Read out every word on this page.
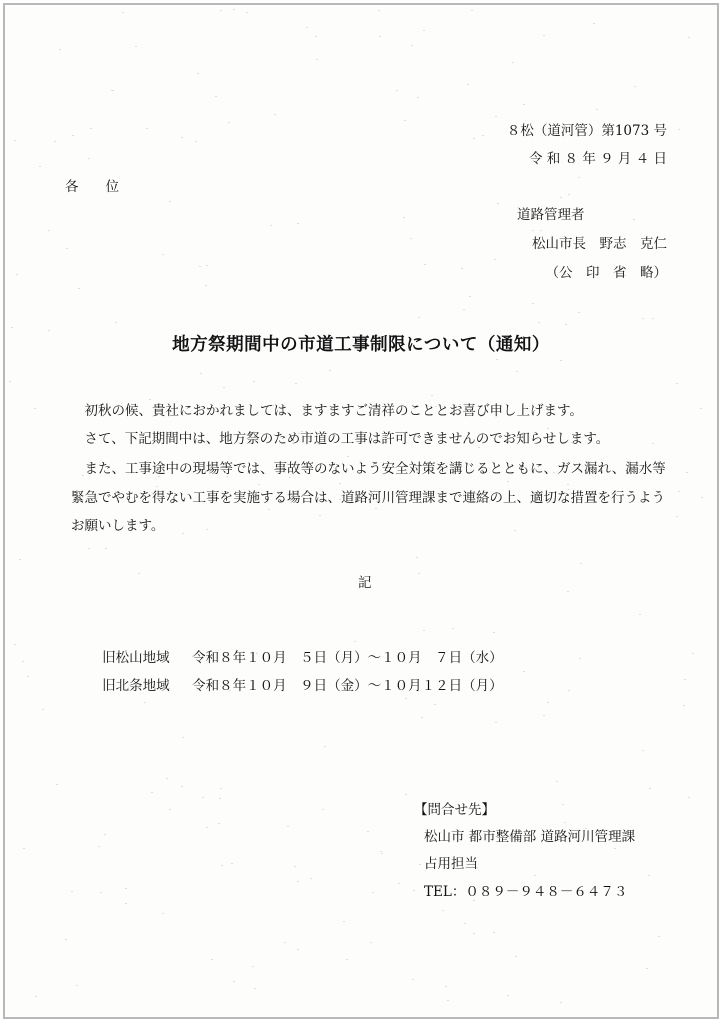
８松（道河管）第1073 号
令 和 ８ 年 ９ 月 ４ 日
各　　位
道路管理者
松山市長　野志　克仁
（公　印　省　略）
地方祭期間中の市道工事制限について（通知）
　初秋の候、貴社におかれましては、ますますご清祥のこととお喜び申し上げます。
　さて、下記期間中は、地方祭のため市道の工事は許可できませんのでお知らせします。
　また、工事途中の現場等では、事故等のないよう安全対策を講じるとともに、ガス漏れ、漏水等
緊急でやむを得ない工事を実施する場合は、道路河川管理課まで連絡の上、適切な措置を行うよう
お願いします。
記

旧松山地域 令和８年１０月　５日（月）～１０月　７日（水）

旧北条地域 令和８年１０月　９日（金）～１０月１２日（月）

【問合せ先】
松山市 都市整備部 道路河川管理課
占用担当
TEL：０８９－９４８－６４７３
